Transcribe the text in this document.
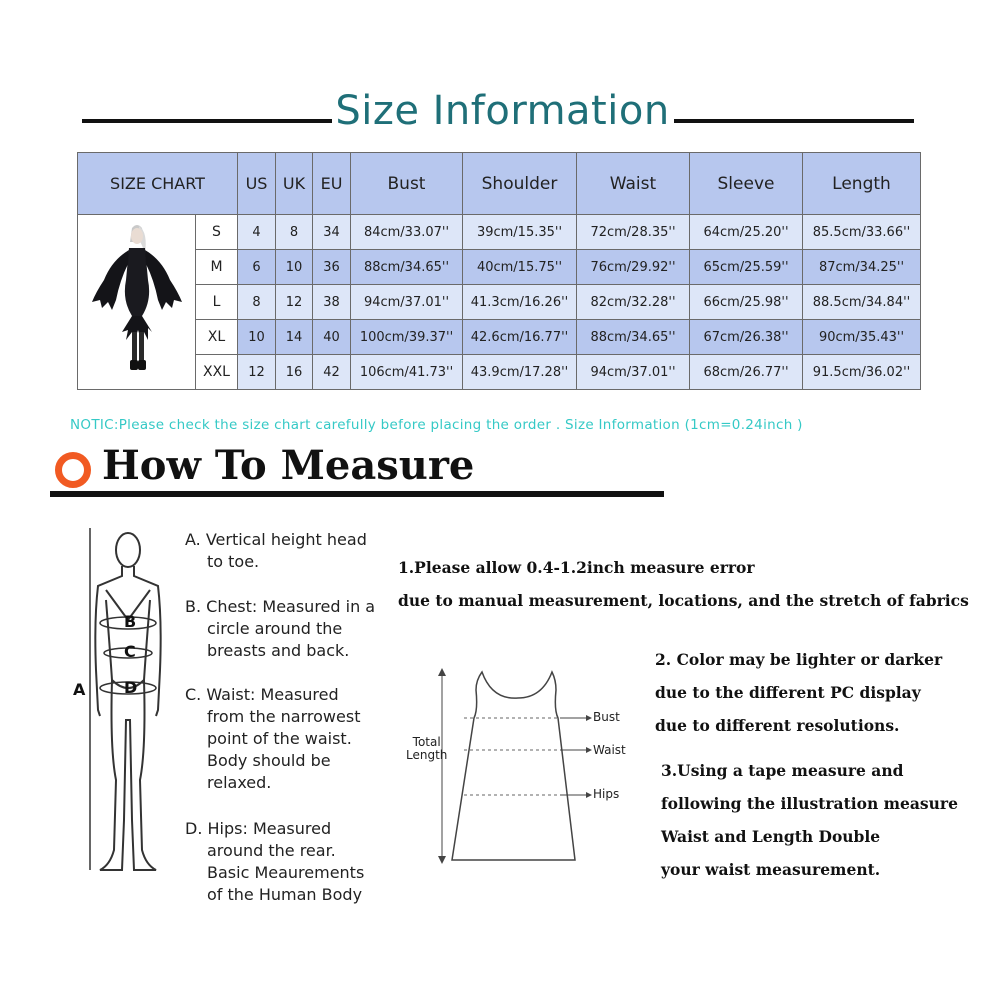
Size Information
SIZE CHART		US	UK	EU	Bust	Shoulder	Waist	Sleeve	Length
	S	4	8	34	84cm/33.07''	39cm/15.35''	72cm/28.35''	64cm/25.20''	85.5cm/33.66''
	M	6	10	36	88cm/34.65''	40cm/15.75''	76cm/29.92''	65cm/25.59''	87cm/34.25''
	L	8	12	38	94cm/37.01''	41.3cm/16.26''	82cm/32.28''	66cm/25.98''	88.5cm/34.84''
	XL	10	14	40	100cm/39.37''	42.6cm/16.77''	88cm/34.65''	67cm/26.38''	90cm/35.43''
	XXL	12	16	42	106cm/41.73''	43.9cm/17.28''	94cm/37.01''	68cm/26.77''	91.5cm/36.02''
NOTIC:Please check the size chart carefully before placing the order . Size Information (1cm=0.24inch )
How To Measure
A
B
C
D

A. Vertical height head

to toe.

B. Chest: Measured in a

circle around the

breasts and back.

C. Waist: Measured

from the narrowest

point of the waist.

Body should be

relaxed.

D. Hips: Measured

around the rear.

Basic Meaurements

of the Human Body

1.Please allow 0.4-1.2inch measure error
due to manual measurement, locations, and the stretch of fabrics
2. Color may be lighter or darker
due to the different PC display
due to different resolutions.
3.Using a tape measure and
following the illustration measure
Waist and Length Double
your waist measurement.
Total
Length
Bust
Waist
Hips
